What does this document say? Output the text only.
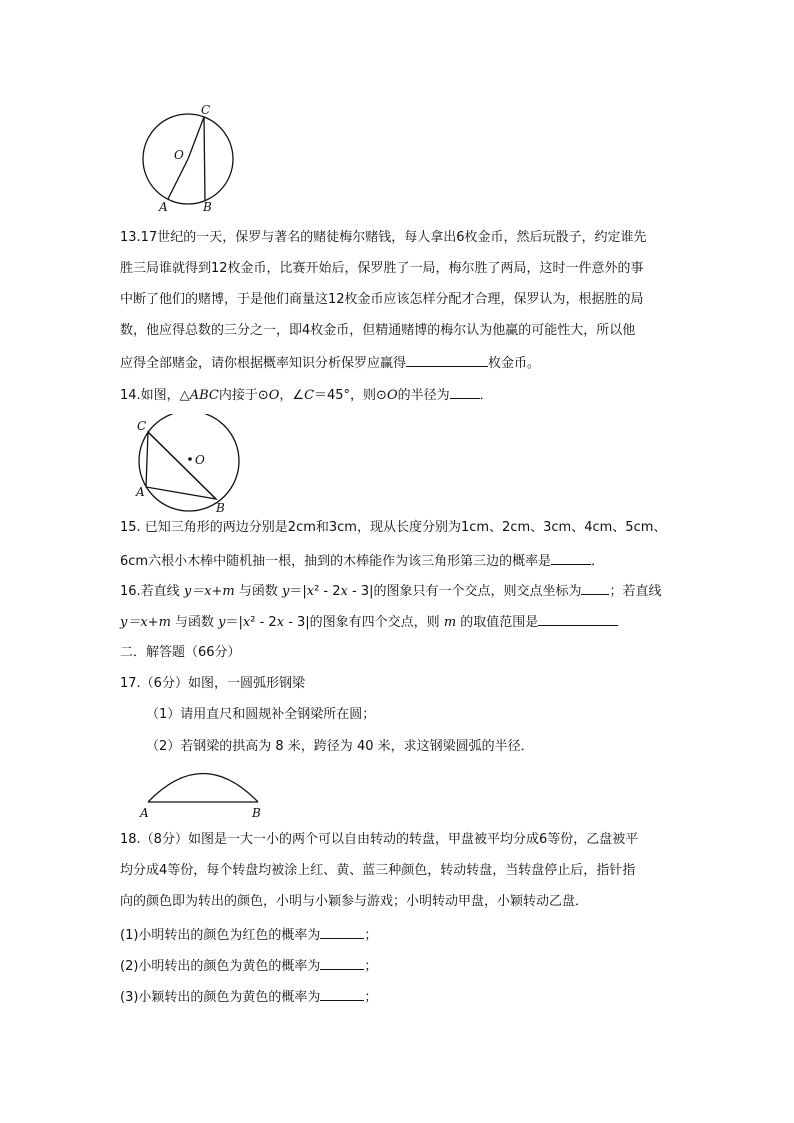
C
O
A	B
13.17世纪的一天，保罗与著名的赌徒梅尔赌钱，每人拿出6枚金币，然后玩骰子，约定谁先
胜三局谁就得到12枚金币，比赛开始后，保罗胜了一局，梅尔胜了两局，这时一件意外的事
中断了他们的赌博，于是他们商量这12枚金币应该怎样分配才合理，保罗认为，根据胜的局
数，他应得总数的三分之一，即4枚金币，但精通赌博的梅尔认为他赢的可能性大，所以他
应得全部赌金，请你根据概率知识分析保罗应赢得	枚金币。
14.如图，△ABC内接于⊙O，∠C＝45°，则⊙O的半径为 ．
C
O
A
B
15. 已知三角形的两边分别是2cm和3cm，现从长度分别为1cm、2cm、3cm、4cm、5cm、
6cm六根小木棒中随机抽一根，抽到的木棒能作为该三角形第三边的概率是	．
16.若直线 y＝x+m 与函数 y＝|x² - 2x - 3|的图象只有一个交点，则交点坐标为 ；若直线
y＝x+m 与函数 y＝|x² - 2x - 3|的图象有四个交点，则 m 的取值范围是
二．解答题（66分）
17.（6分）如图，一圆弧形钢梁
（1）请用直尺和圆规补全钢梁所在圆；
（2）若钢梁的拱高为 8 米，跨径为 40 米，求这钢梁圆弧的半径．
A	B
18.（8分）如图是一大一小的两个可以自由转动的转盘，甲盘被平均分成6等份，乙盘被平
均分成4等份，每个转盘均被涂上红、黄、蓝三种颜色，转动转盘，当转盘停止后，指针指
向的颜色即为转出的颜色，小明与小颖参与游戏；小明转动甲盘，小颖转动乙盘．
(1)小明转出的颜色为红色的概率为	；
(2)小明转出的颜色为黄色的概率为	；
(3)小颖转出的颜色为黄色的概率为	；
